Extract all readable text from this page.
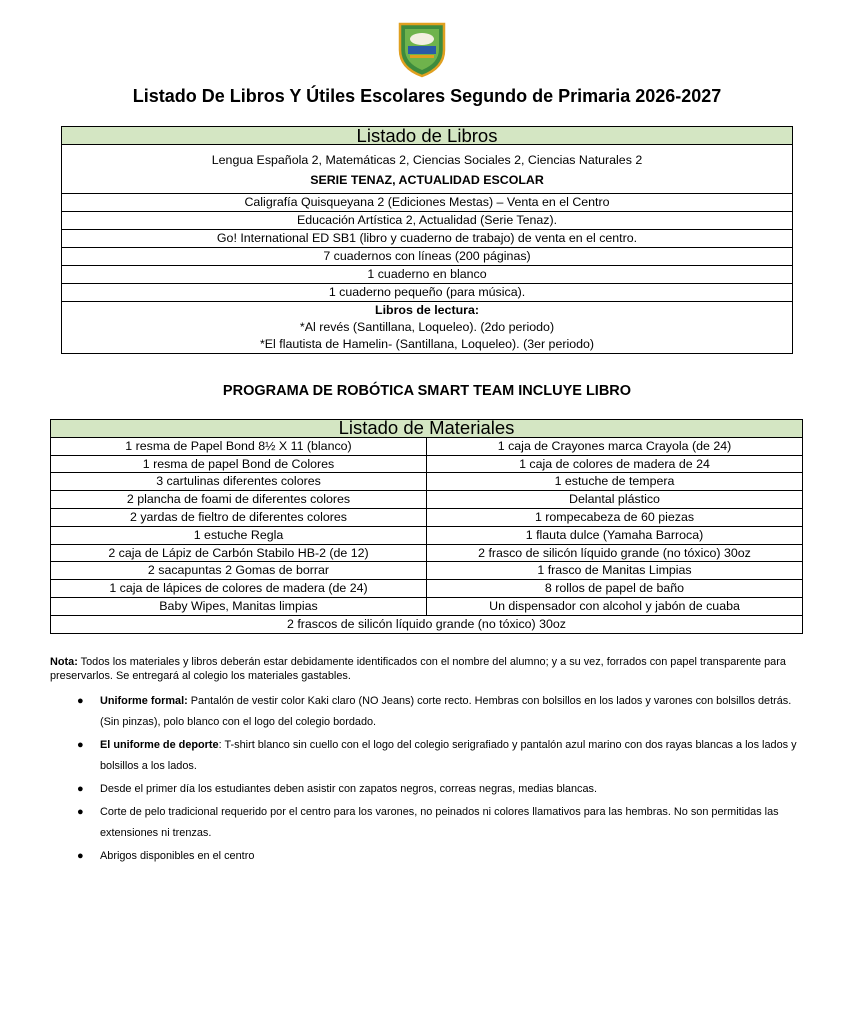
Listado De Libros Y Útiles Escolares Segundo de Primaria 2026-2027
Listado de Libros

Lengua Española 2, Matemáticas 2, Ciencias Sociales 2, Ciencias Naturales 2
SERIE TENAZ, ACTUALIDAD ESCOLAR

Caligrafía Quisqueyana 2 (Ediciones Mestas) – Venta en el Centro
Educación Artística 2, Actualidad (Serie Tenaz).
Go! International ED SB1 (libro y cuaderno de trabajo) de venta en el centro.
7 cuadernos con líneas (200 páginas)
1 cuaderno en blanco
1 cuaderno pequeño (para música).

Libros de lectura:
*Al revés (Santillana, Loqueleo). (2do periodo)
*El flautista de Hamelin- (Santillana, Loqueleo). (3er periodo)
PROGRAMA DE ROBÓTICA SMART TEAM INCLUYE LIBRO
Listado de Materiales	
1 resma de Papel Bond 8½ X 11 (blanco)	1 caja de Crayones marca Crayola (de 24)
1 resma de papel Bond de Colores	1 caja de colores de madera de 24
3 cartulinas diferentes colores	1 estuche de tempera
2 plancha de foami de diferentes colores	Delantal plástico
2 yardas de fieltro de diferentes colores	1 rompecabeza de 60 piezas
1 estuche Regla	1 flauta dulce (Yamaha Barroca)
2 caja de Lápiz de Carbón Stabilo HB-2 (de 12)	2 frasco de silicón líquido grande (no tóxico) 30oz
2 sacapuntas 2 Gomas de borrar	1 frasco de Manitas Limpias
1 caja de lápices de colores de madera (de 24)	8 rollos de papel de baño
Baby Wipes, Manitas limpias	Un dispensador con alcohol y jabón de cuaba
2 frascos de silicón líquido grande (no tóxico) 30oz	
Nota: Todos los materiales y libros deberán estar debidamente identificados con el nombre del alumno; y a su vez, forrados con papel transparente para preservarlos. Se entregará al colegio los materiales gastables.
● Uniforme formal: Pantalón de vestir color Kaki claro (NO Jeans) corte recto. Hembras con bolsillos en los lados y varones con bolsillos detrás. (Sin pinzas), polo blanco con el logo del colegio bordado.
● El uniforme de deporte: T-shirt blanco sin cuello con el logo del colegio serigrafiado y pantalón azul marino con dos rayas blancas a los lados y bolsillos a los lados.
● Desde el primer día los estudiantes deben asistir con zapatos negros, correas negras, medias blancas.
● Corte de pelo tradicional requerido por el centro para los varones, no peinados ni colores llamativos para las hembras. No son permitidas las extensiones ni trenzas.
● Abrigos disponibles en el centro
